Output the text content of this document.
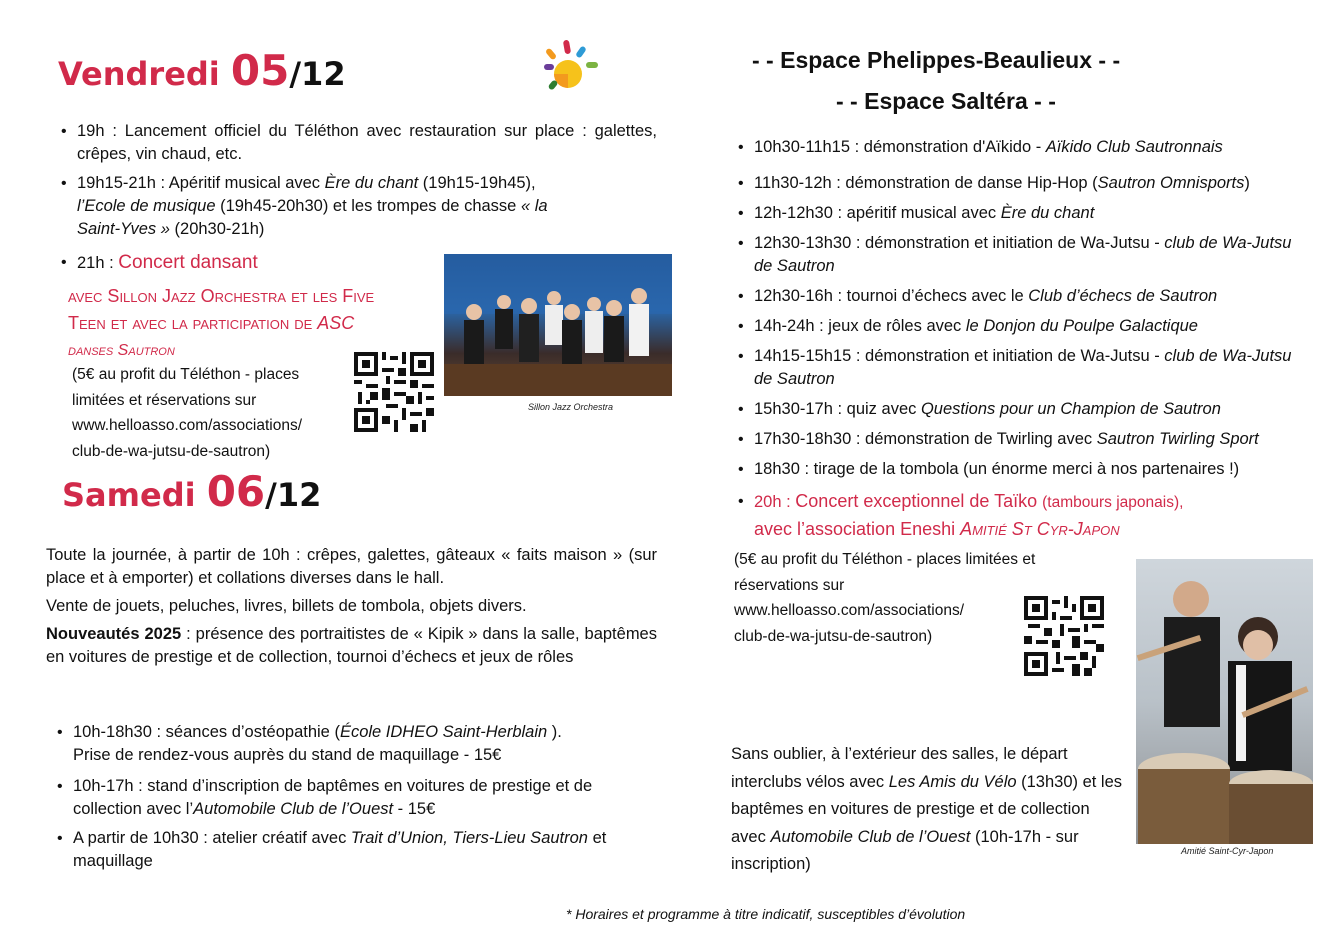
Vendredi 05/12
• 19h : Lancement officiel du Téléthon avec restauration sur place : galettes, crêpes, vin chaud, etc.
• 19h15-21h : Apéritif musical avec Ère du chant (19h15-19h45), l’Ecole de musique (19h45-20h30) et les trompes de chasse « la Saint-Yves » (20h30-21h)
• 21h : Concert dansant
avec Sillon Jazz Orchestra et les Five
Teen et avec la participation de ASC
danses Sautron
(5€ au profit du Téléthon - places
limitées et réservations sur
www.helloasso.com/associations/
club-de-wa-jutsu-de-sautron)
Sillon Jazz Orchestra
Samedi 06/12
Toute la journée, à partir de 10h : crêpes, galettes, gâteaux « faits maison » (sur place et à emporter) et collations diverses dans le hall.
Vente de jouets, peluches, livres, billets de tombola, objets divers.
Nouveautés 2025 : présence des portraitistes de « Kipik » dans la salle, baptêmes en voitures de prestige et de collection, tournoi d’échecs et jeux de rôles
• 10h-18h30 : séances d’ostéopathie (École IDHEO Saint-Herblain ).
Prise de rendez-vous auprès du stand de maquillage - 15€
• 10h-17h : stand d’inscription de baptêmes en voitures de prestige et de collection avec l’Automobile Club de l’Ouest - 15€
• A partir de 10h30 : atelier créatif avec Trait d’Union, Tiers-Lieu Sautron et maquillage
- - Espace Phelippes-Beaulieux - -
- - Espace Saltéra - -
• 10h30-11h15 : démonstration d'Aïkido - Aïkido Club Sautronnais
• 11h30-12h : démonstration de danse Hip-Hop (Sautron Omnisports)
• 12h-12h30 : apéritif musical avec Ère du chant
• 12h30-13h30 : démonstration et initiation de Wa-Jutsu - club de Wa-Jutsu de Sautron
• 12h30-16h : tournoi d’échecs avec le Club d’échecs de Sautron
• 14h-24h : jeux de rôles avec le Donjon du Poulpe Galactique
• 14h15-15h15 : démonstration et initiation de Wa-Jutsu - club de Wa-Jutsu de Sautron
• 15h30-17h : quiz avec Questions pour un Champion de Sautron
• 17h30-18h30 : démonstration de Twirling avec Sautron Twirling Sport
• 18h30 : tirage de la tombola (un énorme merci à nos partenaires !)
• 20h : Concert exceptionnel de Taïko (tambours japonais),
avec l’association Eneshi Amitié St Cyr-Japon
(5€ au profit du Téléthon - places limitées et
réservations sur
www.helloasso.com/associations/
club-de-wa-jutsu-de-sautron)
Amitié Saint-Cyr-Japon
Sans oublier, à l’extérieur des salles, le départ interclubs vélos avec Les Amis du Vélo (13h30) et les baptêmes en voitures de prestige et de collection avec Automobile Club de l’Ouest (10h-17h - sur inscription)
* Horaires et programme à titre indicatif, susceptibles d’évolution
